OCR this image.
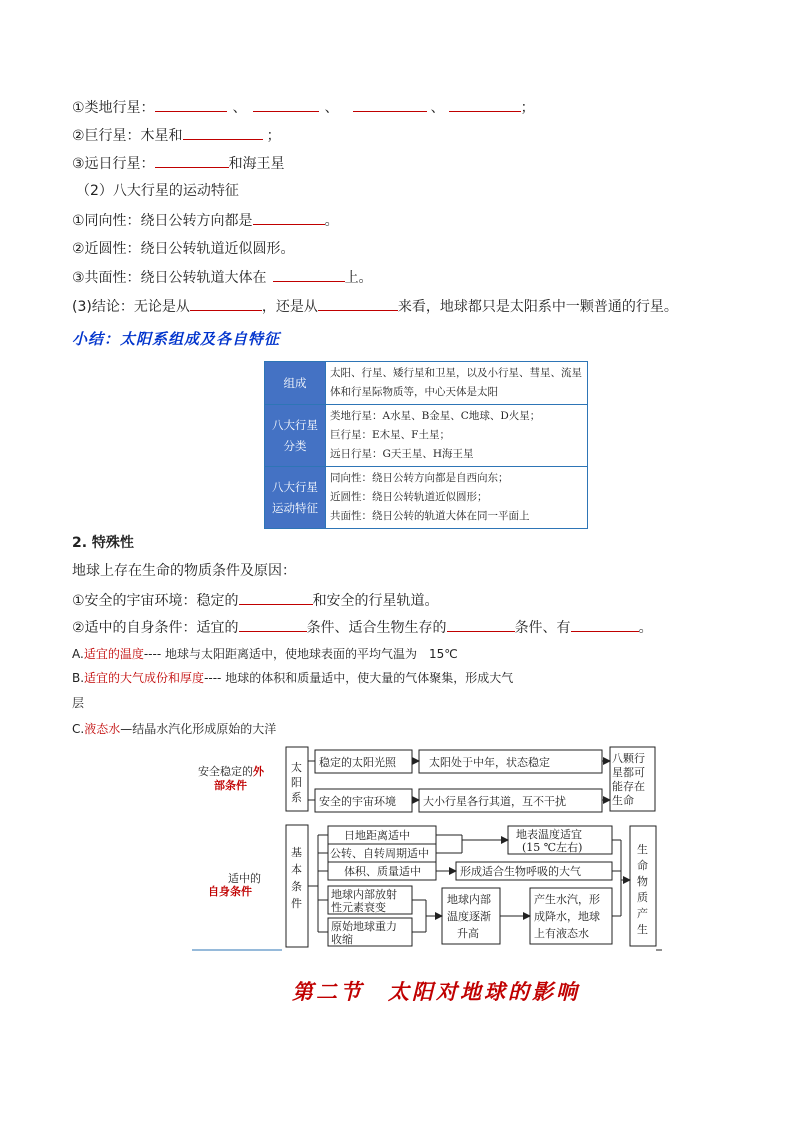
①类地行星：	、	、	、	；
②巨行星：木星和	；
③远日行星：	和海王星
（2）八大行星的运动特征
①同向性：绕日公转方向都是	。
②近圆性：绕日公转轨道近似圆形。
③共面性：绕日公转轨道大体在	上。
(3)结论：无论是从	，还是从	来看，地球都只是太阳系中一颗普通的行星。
小结：太阳系组成及各自特征
组成	太阳、行星、矮行星和卫星，以及小行星、彗星、流星体和行星际物质等，中心天体是太阳
八大行星分类	类地行星：A水星、B金星、C地球、D火星；
巨行星：E木星、F土星；
远日行星：G天王星、H海王星

八大行星运动特征	同向性：绕日公转方向都是自西向东；
近圆性：绕日公转轨道近似圆形；
共面性：绕日公转的轨道大体在同一平面上
2. 特殊性
地球上存在生命的物质条件及原因：
①安全的宇宙环境：稳定的	和安全的行星轨道。
②适中的自身条件：适宜的	条件、适合生物生存的	条件、有	。
A.适宜的温度---- 地球与太阳距离适中，使地球表面的平均气温为　15℃
B.适宜的大气成份和厚度---- 地球的体积和质量适中，使大量的气体聚集，形成大气
层
C.液态水—结晶水汽化形成原始的大洋
安全稳定的外
部条件
适中的
自身条件
太
阳
系
稳定的太阳光照	太阳处于中年，状态稳定
安全的宇宙环境 大小行星各行其道，互不干扰
八颗行
星都可
能存在
生命
基
本
条
件
日地距离适中
公转、自转周期适中
体积、质量适中
地球内部放射
性元素衰变
原始地球重力
收缩
地表温度适宜
(15 ℃左右)
形成适合生物呼吸的大气
地球内部
温度逐渐
升高
产生水汽，形
成降水，地球
上有液态水
生
命
物
质
产
生
第二节　太阳对地球的影响
